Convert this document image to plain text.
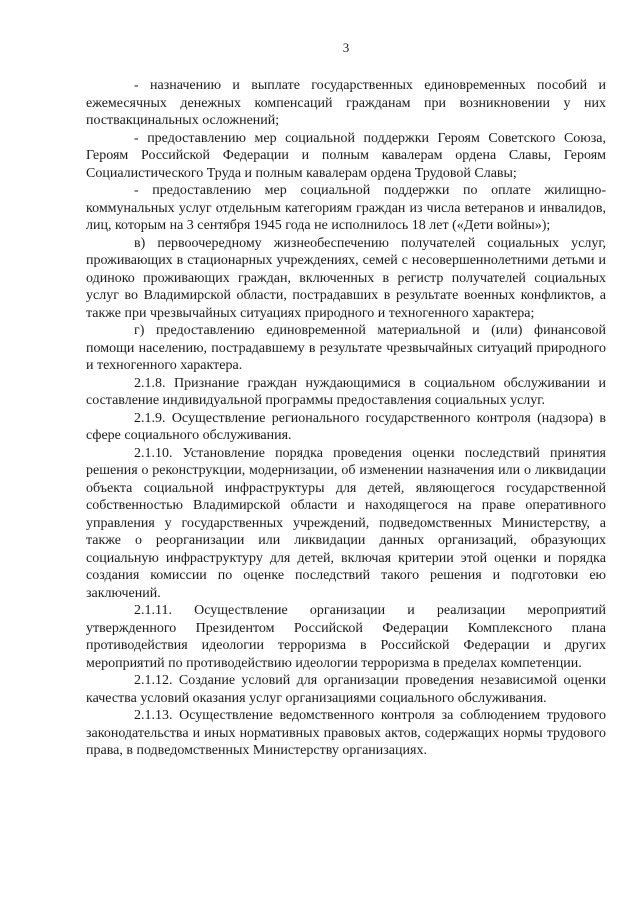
3

- назначению и выплате государственных единовременных пособий и ежемесячных денежных компенсаций гражданам при возникновении у них поствакцинальных осложнений;

- предоставлению мер социальной поддержки Героям Советского Союза, Героям Российской Федерации и полным кавалерам ордена Славы, Героям Социалистического Труда и полным кавалерам ордена Трудовой Славы;

- предоставлению мер социальной поддержки по оплате жилищно-коммунальных услуг отдельным категориям граждан из числа ветеранов и инвалидов, лиц, которым на 3 сентября 1945 года не исполнилось 18 лет («Дети войны»);

в) первоочередному жизнеобеспечению получателей социальных услуг, проживающих в стационарных учреждениях, семей с несовершеннолетними детьми и одиноко проживающих граждан, включенных в регистр получателей социальных услуг во Владимирской области, пострадавших в результате военных конфликтов, а также при чрезвычайных ситуациях природного и техногенного характера;

г) предоставлению единовременной материальной и (или) финансовой помощи населению, пострадавшему в результате чрезвычайных ситуаций природного и техногенного характера.

2.1.8. Признание граждан нуждающимися в социальном обслуживании и составление индивидуальной программы предоставления социальных услуг.

2.1.9. Осуществление регионального государственного контроля (надзора) в сфере социального обслуживания.

2.1.10. Установление порядка проведения оценки последствий принятия решения о реконструкции, модернизации, об изменении назначения или о ликвидации объекта социальной инфраструктуры для детей, являющегося государственной собственностью Владимирской области и находящегося на праве оперативного управления у государственных учреждений, подведомственных Министерству, а также о реорганизации или ликвидации данных организаций, образующих социальную инфраструктуру для детей, включая критерии этой оценки и порядка создания комиссии по оценке последствий такого решения и подготовки ею заключений.

2.1.11. Осуществление организации и реализации мероприятий утвержденного Президентом Российской Федерации Комплексного плана противодействия идеологии терроризма в Российской Федерации и других мероприятий по противодействию идеологии терроризма в пределах компетенции.

2.1.12. Создание условий для организации проведения независимой оценки качества условий оказания услуг организациями социального обслуживания.

2.1.13. Осуществление ведомственного контроля за соблюдением трудового законодательства и иных нормативных правовых актов, содержащих нормы трудового права, в подведомственных Министерству организациях.
